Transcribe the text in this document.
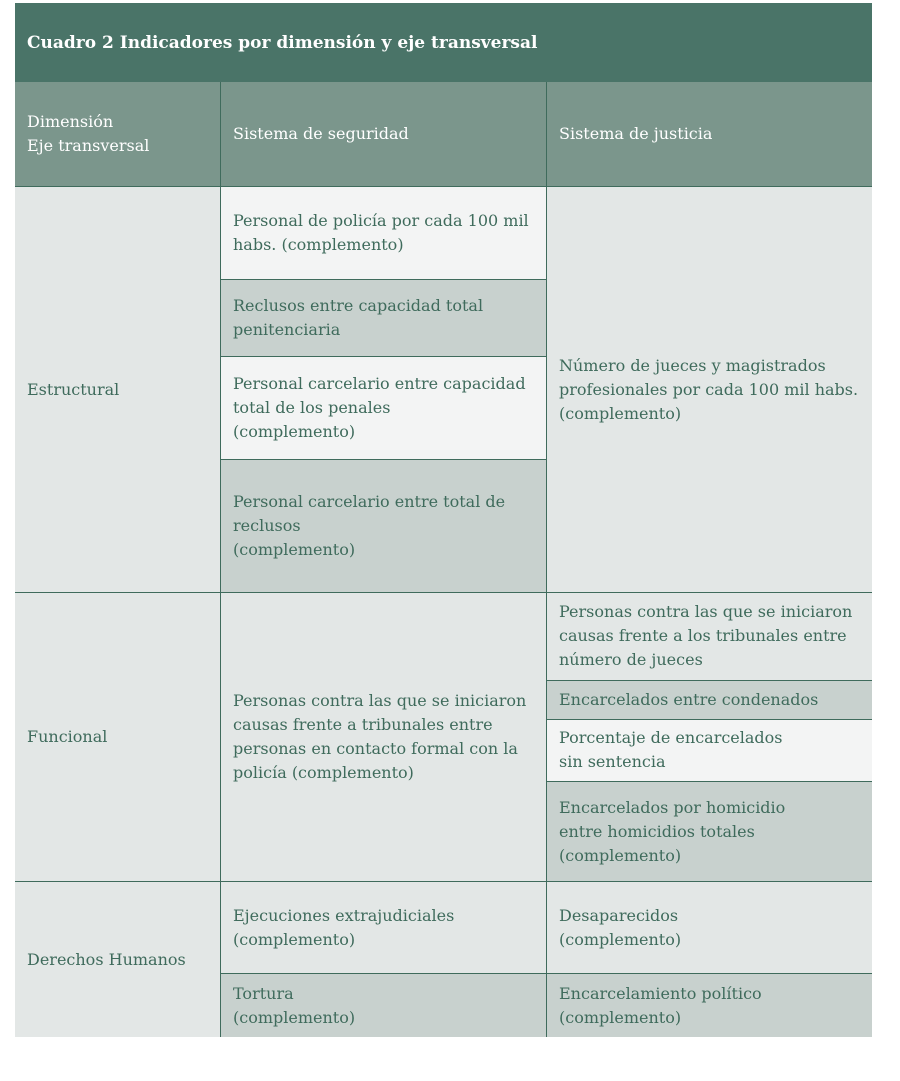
Cuadro 2 Indicadores por dimensión y eje transversal
Dimensión
Eje transversal
Sistema de seguridad	Sistema de justicia
Estructural
Personal de policía por cada 100 mil habs. (complemento)
Reclusos entre capacidad total penitenciaria
Personal carcelario entre capacidad total de los penales
(complemento)
Personal carcelario entre total de reclusos
(complemento)
Número de jueces y magistrados profesionales por cada 100 mil habs.
(complemento)
Funcional
Personas contra las que se iniciaron causas frente a tribunales entre personas en contacto formal con la policía (complemento)
Personas contra las que se iniciaron causas frente a los tribunales entre número de jueces
Encarcelados entre condenados
Porcentaje de encarcelados
sin sentencia
Encarcelados por homicidio
entre homicidios totales
(complemento)
Derechos Humanos
Ejecuciones extrajudiciales
(complemento)
Tortura
(complemento)
Desaparecidos
(complemento)
Encarcelamiento político
(complemento)
